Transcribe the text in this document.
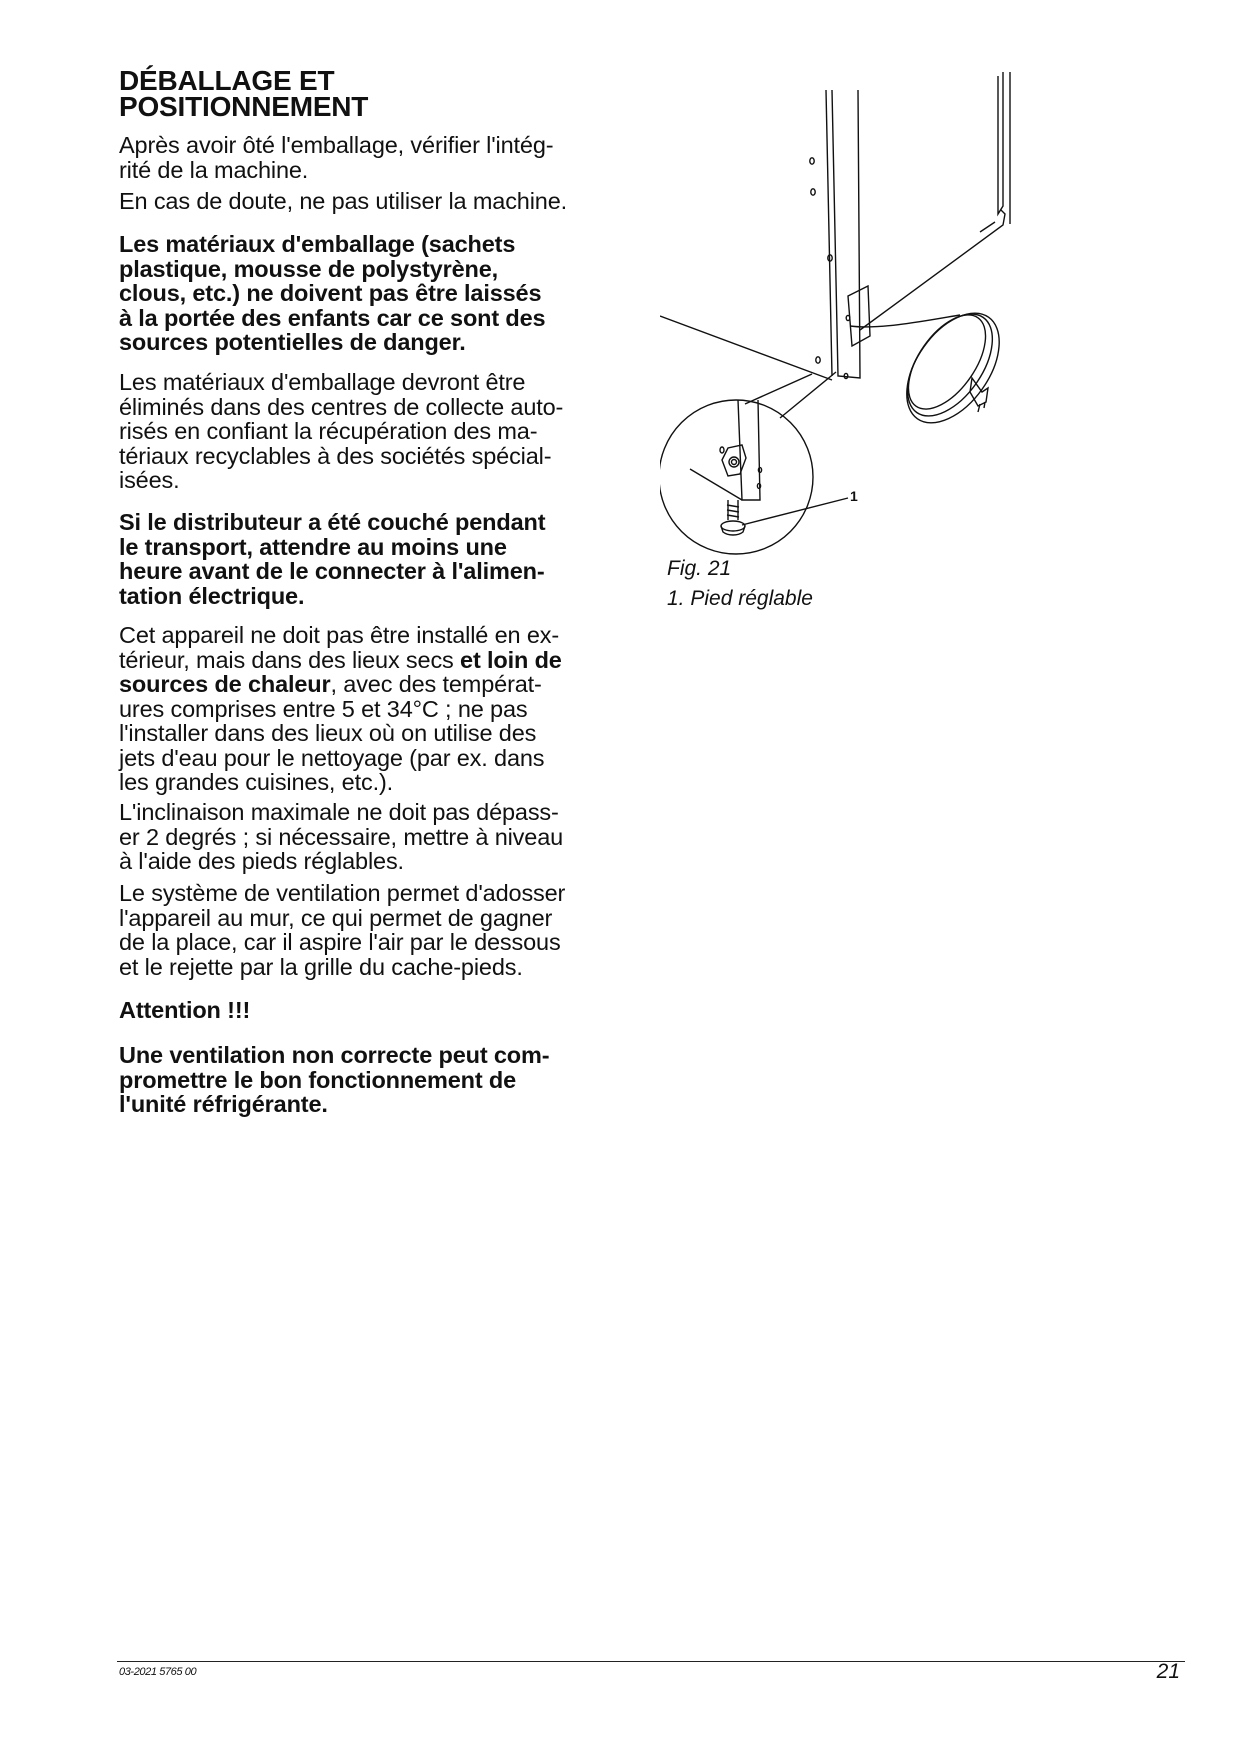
DÉBALLAGE ET
POSITIONNEMENT
Après avoir ôté l'emballage, vérifier l'intég-
rité de la machine.
En cas de doute, ne pas utiliser la machine.
Les matériaux d'emballage (sachets
plastique, mousse de polystyrène,
clous, etc.) ne doivent pas être laissés
à la portée des enfants car ce sont des
sources potentielles de danger.
Les matériaux d'emballage devront être
éliminés dans des centres de collecte auto-
risés en confiant la récupération des ma-
tériaux recyclables à des sociétés spécial-
isées.
Si le distributeur a été couché pendant
le transport, attendre au moins une
heure avant de le connecter à l'alimen-
tation électrique.
Cet appareil ne doit pas être installé en ex-
térieur, mais dans des lieux secs et loin de
sources de chaleur, avec des températ-
ures comprises entre 5 et 34°C ; ne pas
l'installer dans des lieux où on utilise des
jets d'eau pour le nettoyage (par ex. dans
les grandes cuisines, etc.).
L'inclinaison maximale ne doit pas dépass-
er 2 degrés ; si nécessaire, mettre à niveau
à l'aide des pieds réglables.
Le système de ventilation permet d'adosser
l'appareil au mur, ce qui permet de gagner
de la place, car il aspire l'air par le dessous
et le rejette par la grille du cache-pieds.
Attention !!!
Une ventilation non correcte peut com-
promettre le bon fonctionnement de
l'unité réfrigérante.
1
Fig. 21
1. Pied réglable
03-2021 5765 00	21
